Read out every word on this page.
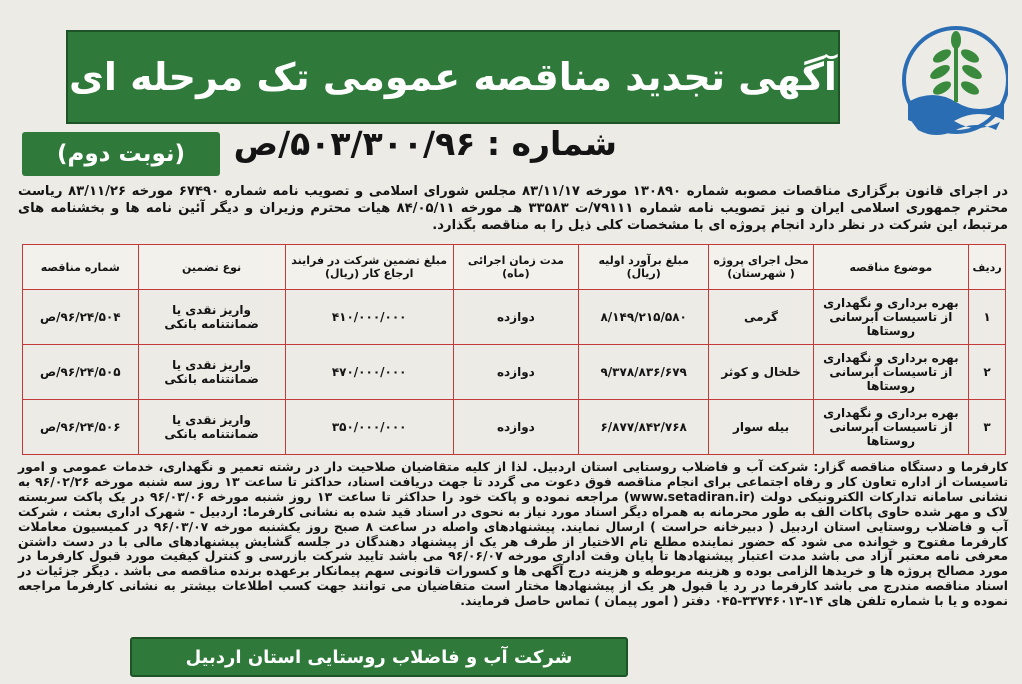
آگهی تجدید مناقصه عمومی تک مرحله ای
شماره : ۵۰۳/۳۰۰/۹۶/ص
(نوبت دوم)

در اجرای قانون برگزاری مناقصات مصوبه شماره ۱۳۰۸۹۰ مورخه ۸۳/۱۱/۱۷ مجلس شورای اسلامی و تصویب نامه شماره ۶۷۴۹۰ مورخه ۸۳/۱۱/۲۶ ریاست محترم جمهوری اسلامی ایران و نیز تصویب نامه شماره ۷۹۱۱۱/ت ۳۳۵۸۳ هـ مورخه ۸۴/۰۵/۱۱ هیات محترم وزیران و دیگر آئین نامه ها و بخشنامه های مرتبط، این شرکت در نظر دارد انجام پروژه ای با مشخصات کلی ذیل را به مناقصه بگذارد.

ردیف	موضوع مناقصه	محل اجرای پروژه ( شهرستان)	مبلغ برآورد اولیه (ریال)	مدت زمان اجرائی (ماه)	مبلغ تضمین شرکت در فرایند ارجاع کار (ریال)	نوع تضمین	شماره مناقصه
۱	بهره برداری و نگهداری از تاسیسات آبرسانی روستاها	گرمی	۸/۱۴۹/۲۱۵/۵۸۰	دوازده	۴۱۰/۰۰۰/۰۰۰	واریز نقدی یا ضمانتنامه بانکی	۹۶/۲۴/۵۰۴/ص
۲	بهره برداری و نگهداری از تاسیسات آبرسانی روستاها	خلخال و کوثر	۹/۳۷۸/۸۳۶/۶۷۹	دوازده	۴۷۰/۰۰۰/۰۰۰	واریز نقدی یا ضمانتنامه بانکی	۹۶/۲۴/۵۰۵/ص
۳	بهره برداری و نگهداری از تاسیسات آبرسانی روستاها	بیله سوار	۶/۸۷۷/۸۴۲/۷۶۸	دوازده	۳۵۰/۰۰۰/۰۰۰	واریز نقدی یا ضمانتنامه بانکی	۹۶/۲۴/۵۰۶/ص

کارفرما و دستگاه مناقصه گزار: شرکت آب و فاضلاب روستایی استان اردبیل. لذا از کلیه متقاضیان صلاحیت دار در رشته تعمیر و نگهداری، خدمات عمومی و امور تاسیسات از اداره تعاون کار و رفاه اجتماعی برای انجام مناقصه فوق دعوت می گردد تا جهت دریافت اسناد، حداکثر تا ساعت ۱۳ روز سه شنبه مورخه ۹۶/۰۲/۲۶ به نشانی سامانه تدارکات الکترونیکی دولت (www.setadiran.ir) مراجعه نموده و پاکت خود را حداکثر تا ساعت ۱۳ روز شنبه مورخه ۹۶/۰۳/۰۶ در یک پاکت سربسته لاک و مهر شده حاوی پاکات الف به طور محرمانه به همراه دیگر اسناد مورد نیاز به نحوی در اسناد قید شده به نشانی کارفرما: اردبیل - شهرک اداری بعثت ، شرکت آب و فاضلاب روستایی استان اردبیل ( دبیرخانه حراست ) ارسال نمایند. پیشنهادهای واصله در ساعت ۸ صبح روز یکشنبه مورخه ۹۶/۰۳/۰۷ در کمیسیون معاملات کارفرما مفتوح و خوانده می شود که حضور نماینده مطلع تام الاختیار از طرف هر یک از پیشنهاد دهندگان در جلسه گشایش پیشنهادهای مالی با در دست داشتن معرفی نامه معتبر آزاد می باشد مدت اعتبار پیشنهادها تا پایان وقت اداری مورخه ۹۶/۰۶/۰۷ می باشد تایید شرکت بازرسی و کنترل کیفیت مورد قبول کارفرما در مورد مصالح پروژه ها و خریدها الزامی بوده و هزینه مربوطه و هزینه درج آگهی ها و کسورات قانونی سهم پیمانکار برعهده برنده مناقصه می باشد . دیگر جزئیات در اسناد مناقصه مندرج می باشد کارفرما در رد یا قبول هر یک از پیشنهادها مختار است متقاضیان می توانند جهت کسب اطلاعات بیشتر به نشانی کارفرما مراجعه نموده و یا با شماره تلفن های ۱۴-۳۳۷۴۶۰۱۳-۰۴۵ دفتر ( امور پیمان ) تماس حاصل فرمایند.

شرکت آب و فاضلاب روستایی استان اردبیل
